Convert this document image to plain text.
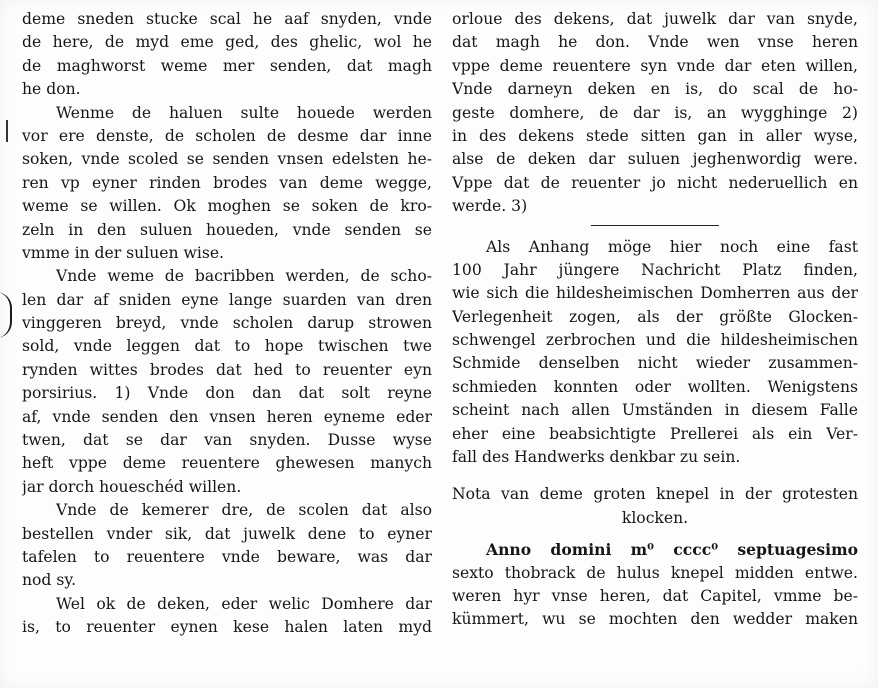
deme sneden stucke scal he aaf snyden, vnde
de here, de myd eme ged, des ghelic, wol he
de maghworst weme mer senden, dat magh
he don.
Wenme de haluen sulte houede werden
vor ere denste, de scholen de desme dar inne
soken, vnde scoled se senden vnsen edelsten he-
ren vp eyner rinden brodes van deme wegge,
weme se willen. Ok moghen se soken de kro-
zeln in den suluen houeden, vnde senden se
vmme in der suluen wise.
Vnde weme de bacribben werden, de scho-
len dar af sniden eyne lange suarden van dren
vinggeren breyd, vnde scholen darup strowen
sold, vnde leggen dat to hope twischen twe
rynden wittes brodes dat hed to reuenter eyn
porsirius. 1) Vnde don dan dat solt reyne
af, vnde senden den vnsen heren eyneme eder
twen, dat se dar van snyden. Dusse wyse
heft vppe deme reuentere ghewesen manych
jar dorch houeschéd willen.
Vnde de kemerer dre, de scolen dat also
bestellen vnder sik, dat juwelk dene to eyner
tafelen to reuentere vnde beware, was dar
nod sy.
Wel ok de deken, eder welic Domhere dar
is, to reuenter eynen kese halen laten myd
orloue des dekens, dat juwelk dar van snyde,
dat magh he don. Vnde wen vnse heren
vppe deme reuentere syn vnde dar eten willen,
Vnde darneyn deken en is, do scal de ho-
geste domhere, de dar is, an wygghinge 2)
in des dekens stede sitten gan in aller wyse,
alse de deken dar suluen jeghenwordig were.
Vppe dat de reuenter jo nicht nederuellich en
werde. 3)
Als Anhang möge hier noch eine fast
100 Jahr jüngere Nachricht Platz finden,
wie sich die hildesheimischen Domherren aus der
Verlegenheit zogen, als der größte Glocken-
schwengel zerbrochen und die hildesheimischen
Schmide denselben nicht wieder zusammen-
schmieden konnten oder wollten. Wenigstens
scheint nach allen Umständen in diesem Falle
eher eine beabsichtigte Prellerei als ein Ver-
fall des Handwerks denkbar zu sein.
Nota van deme groten knepel in der grotesten
klocken.
Anno domini m⁰ cccc⁰ septuagesimo
sexto thobrack de hulus knepel midden entwe.
weren hyr vnse heren, dat Capitel, vmme be-
kümmert, wu se mochten den wedder maken
